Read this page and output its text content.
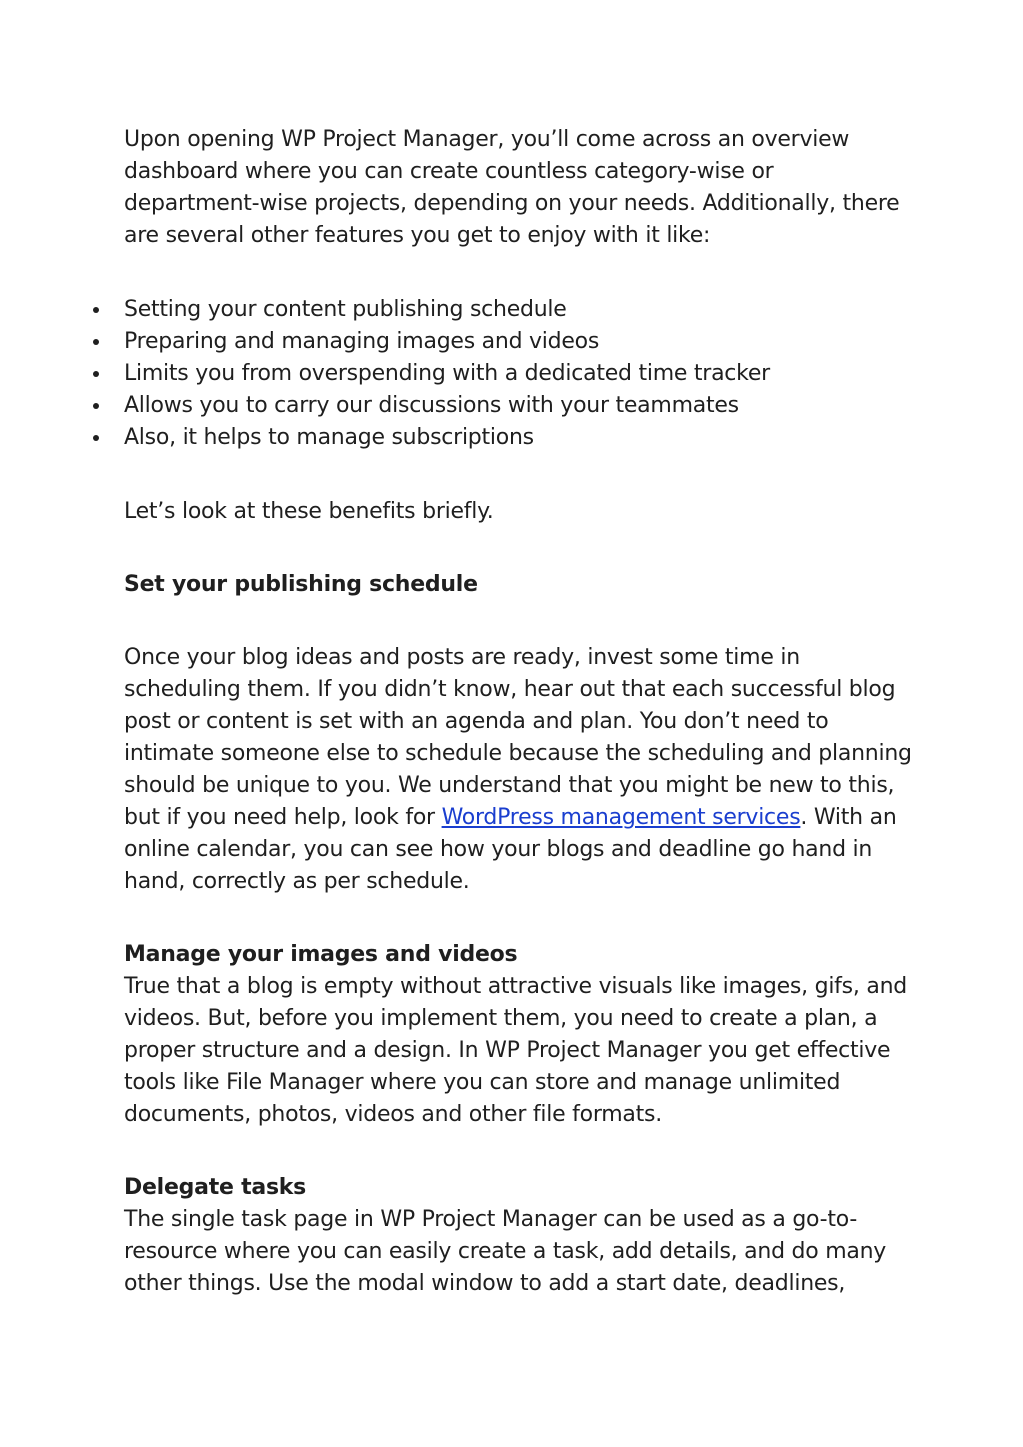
Upon opening WP Project Manager, you’ll come across an overview dashboard where you can create countless category-wise or department-wise projects, depending on your needs. Additionally, there are several other features you get to enjoy with it like:

Setting your content publishing schedule
Preparing and managing images and videos
Limits you from overspending with a dedicated time tracker
Allows you to carry our discussions with your teammates
Also, it helps to manage subscriptions

Let’s look at these benefits briefly.

Set your publishing schedule

Once your blog ideas and posts are ready, invest some time in scheduling them. If you didn’t know, hear out that each successful blog post or content is set with an agenda and plan. You don’t need to intimate someone else to schedule because the scheduling and planning should be unique to you. We understand that you might be new to this, but if you need help, look for WordPress management services. With an online calendar, you can see how your blogs and deadline go hand in hand, correctly as per schedule.

Manage your images and videos

True that a blog is empty without attractive visuals like images, gifs, and videos. But, before you implement them, you need to create a plan, a proper structure and a design. In WP Project Manager you get effective tools like File Manager where you can store and manage unlimited documents, photos, videos and other file formats.

Delegate tasks

The single task page in WP Project Manager can be used as a go-to-resource where you can easily create a task, add details, and do many other things. Use the modal window to add a start date, deadlines,
